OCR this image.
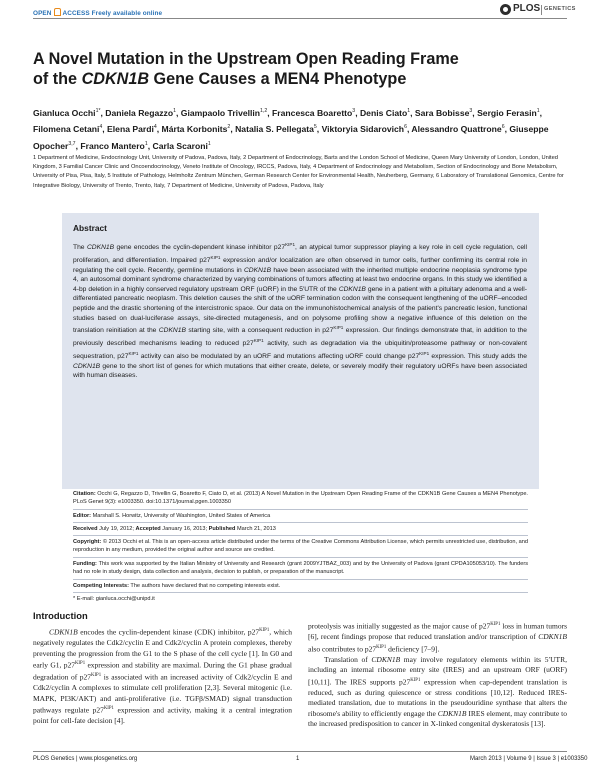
OPEN ACCESS Freely available online	PLOS GENETICS
A Novel Mutation in the Upstream Open Reading Frame
of the CDKN1B Gene Causes a MEN4 Phenotype
Gianluca Occhi$^{1*}$, Daniela Regazzo$^1$, Giampaolo Trivellin$^{1,2}$, Francesca Boaretto$^3$, Denis Ciato$^1$, Sara Bobisse$^3$, Sergio Ferasin$^1$, Filomena Cetani$^4$, Elena Pardi$^4$, Márta Korbonits$^2$, Natalia S. Pellegata$^5$, Viktoryia Sidarovich$^6$, Alessandro Quattrone$^6$, Giuseppe Opocher$^{3,7}$, Franco Mantero$^1$, Carla Scaroni$^1$
1 Department of Medicine, Endocrinology Unit, University of Padova, Padova, Italy, 2 Department of Endocrinology, Barts and the London School of Medicine, Queen Mary University of London, London, United Kingdom, 3 Familial Cancer Clinic and Oncoendocrinology, Veneto Institute of Oncology, IRCCS, Padova, Italy, 4 Department of Endocrinology and Metabolism, Section of Endocrinology and Bone Metabolism, University of Pisa, Pisa, Italy, 5 Institute of Pathology, Helmholtz Zentrum München, German Research Center for Environmental Health, Neuherberg, Germany, 6 Laboratory of Translational Genomics, Centre for Integrative Biology, University of Trento, Trento, Italy, 7 Department of Medicine, University of Padova, Padova, Italy
Abstract
The CDKN1B gene encodes the cyclin-dependent kinase inhibitor $p27^{KIP1}$, an atypical tumor suppressor playing a key role in cell cycle regulation, cell proliferation, and differentiation. Impaired $p27^{KIP1}$ expression and/or localization are often observed in tumor cells, further confirming its central role in regulating the cell cycle. Recently, germline mutations in CDKN1B have been associated with the inherited multiple endocrine neoplasia syndrome type 4, an autosomal dominant syndrome characterized by varying combinations of tumors affecting at least two endocrine organs. In this study we identified a 4-bp deletion in a highly conserved regulatory upstream ORF (uORF) in the 5′UTR of the CDKN1B gene in a patient with a pituitary adenoma and a well-differentiated pancreatic neoplasm. This deletion causes the shift of the uORF termination codon with the consequent lengthening of the uORF–encoded peptide and the drastic shortening of the intercistronic space. Our data on the immunohistochemical analysis of the patient's pancreatic lesion, functional studies based on dual-luciferase assays, site-directed mutagenesis, and on polysome profiling show a negative influence of this deletion on the translation reinitiation at the CDKN1B starting site, with a consequent reduction in $p27^{KIP1}$ expression. Our findings demonstrate that, in addition to the previously described mechanisms leading to reduced $p27^{KIP1}$ activity, such as degradation via the ubiquitin/proteasome pathway or non-covalent sequestration, $p27^{KIP1}$ activity can also be modulated by an uORF and mutations affecting uORF could change $p27^{KIP1}$ expression. This study adds the CDKN1B gene to the short list of genes for which mutations that either create, delete, or severely modify their regulatory uORFs have been associated with human diseases.
Citation: Occhi G, Regazzo D, Trivellin G, Boaretto F, Ciato D, et al. (2013) A Novel Mutation in the Upstream Open Reading Frame of the CDKN1B Gene Causes a MEN4 Phenotype. PLoS Genet 9(3): e1003350. doi:10.1371/journal.pgen.1003350
Editor: Marshall S. Horwitz, University of Washington, United States of America
Received July 19, 2012; Accepted January 16, 2013; Published March 21, 2013
Copyright: © 2013 Occhi et al. This is an open-access article distributed under the terms of the Creative Commons Attribution License, which permits unrestricted use, distribution, and reproduction in any medium, provided the original author and source are credited.
Funding: This work was supported by the Italian Ministry of University and Research (grant 2009YJTBAZ_003) and by the University of Padova (grant CPDA105053/10). The funders had no role in study design, data collection and analysis, decision to publish, or preparation of the manuscript.
Competing Interests: The authors have declared that no competing interests exist.
* E-mail: gianluca.occhi@unipd.it
Introduction

CDKN1B encodes the cyclin-dependent kinase (CDK) inhibitor, $p27^{KIP1}$, which negatively regulates the Cdk2/cyclin E and Cdk2/cyclin A protein complexes, thereby preventing the progression from the G1 to the S phase of the cell cycle [1]. In G0 and early G1, $p27^{KIP1}$ expression and stability are maximal. During the G1 phase gradual degradation of $p27^{KIP1}$ is associated with an increased activity of Cdk2/cyclin E and Cdk2/cyclin A complexes to stimulate cell proliferation [2,3]. Several mitogenic (i.e. MAPK, PI3K/AKT) and anti-proliferative (i.e. TGFβ/SMAD) signal transduction pathways regulate $p27^{KIP1}$ expression and activity, making it a central integration point for cell-fate decision [4].

proteolysis was initially suggested as the major cause of $p27^{KIP1}$ loss in human tumors [6], recent findings propose that reduced translation and/or transcription of CDKN1B also contributes to $p27^{KIP1}$ deficiency [7–9].

Translation of CDKN1B may involve regulatory elements within its 5′UTR, including an internal ribosome entry site (IRES) and an upstream ORF (uORF) [10,11]. The IRES supports $p27^{KIP1}$ expression when cap-dependent translation is reduced, such as during quiescence or stress conditions [10,12]. Reduced IRES-mediated translation, due to mutations in the pseudouridine synthase that alters the ribosome's ability to efficiently engage the CDKN1B IRES element, may contribute to the increased predisposition to cancer in X-linked congenital dyskeratosis [13].

PLOS Genetics | www.plosgenetics.org	1	March 2013 | Volume 9 | Issue 3 | e1003350
